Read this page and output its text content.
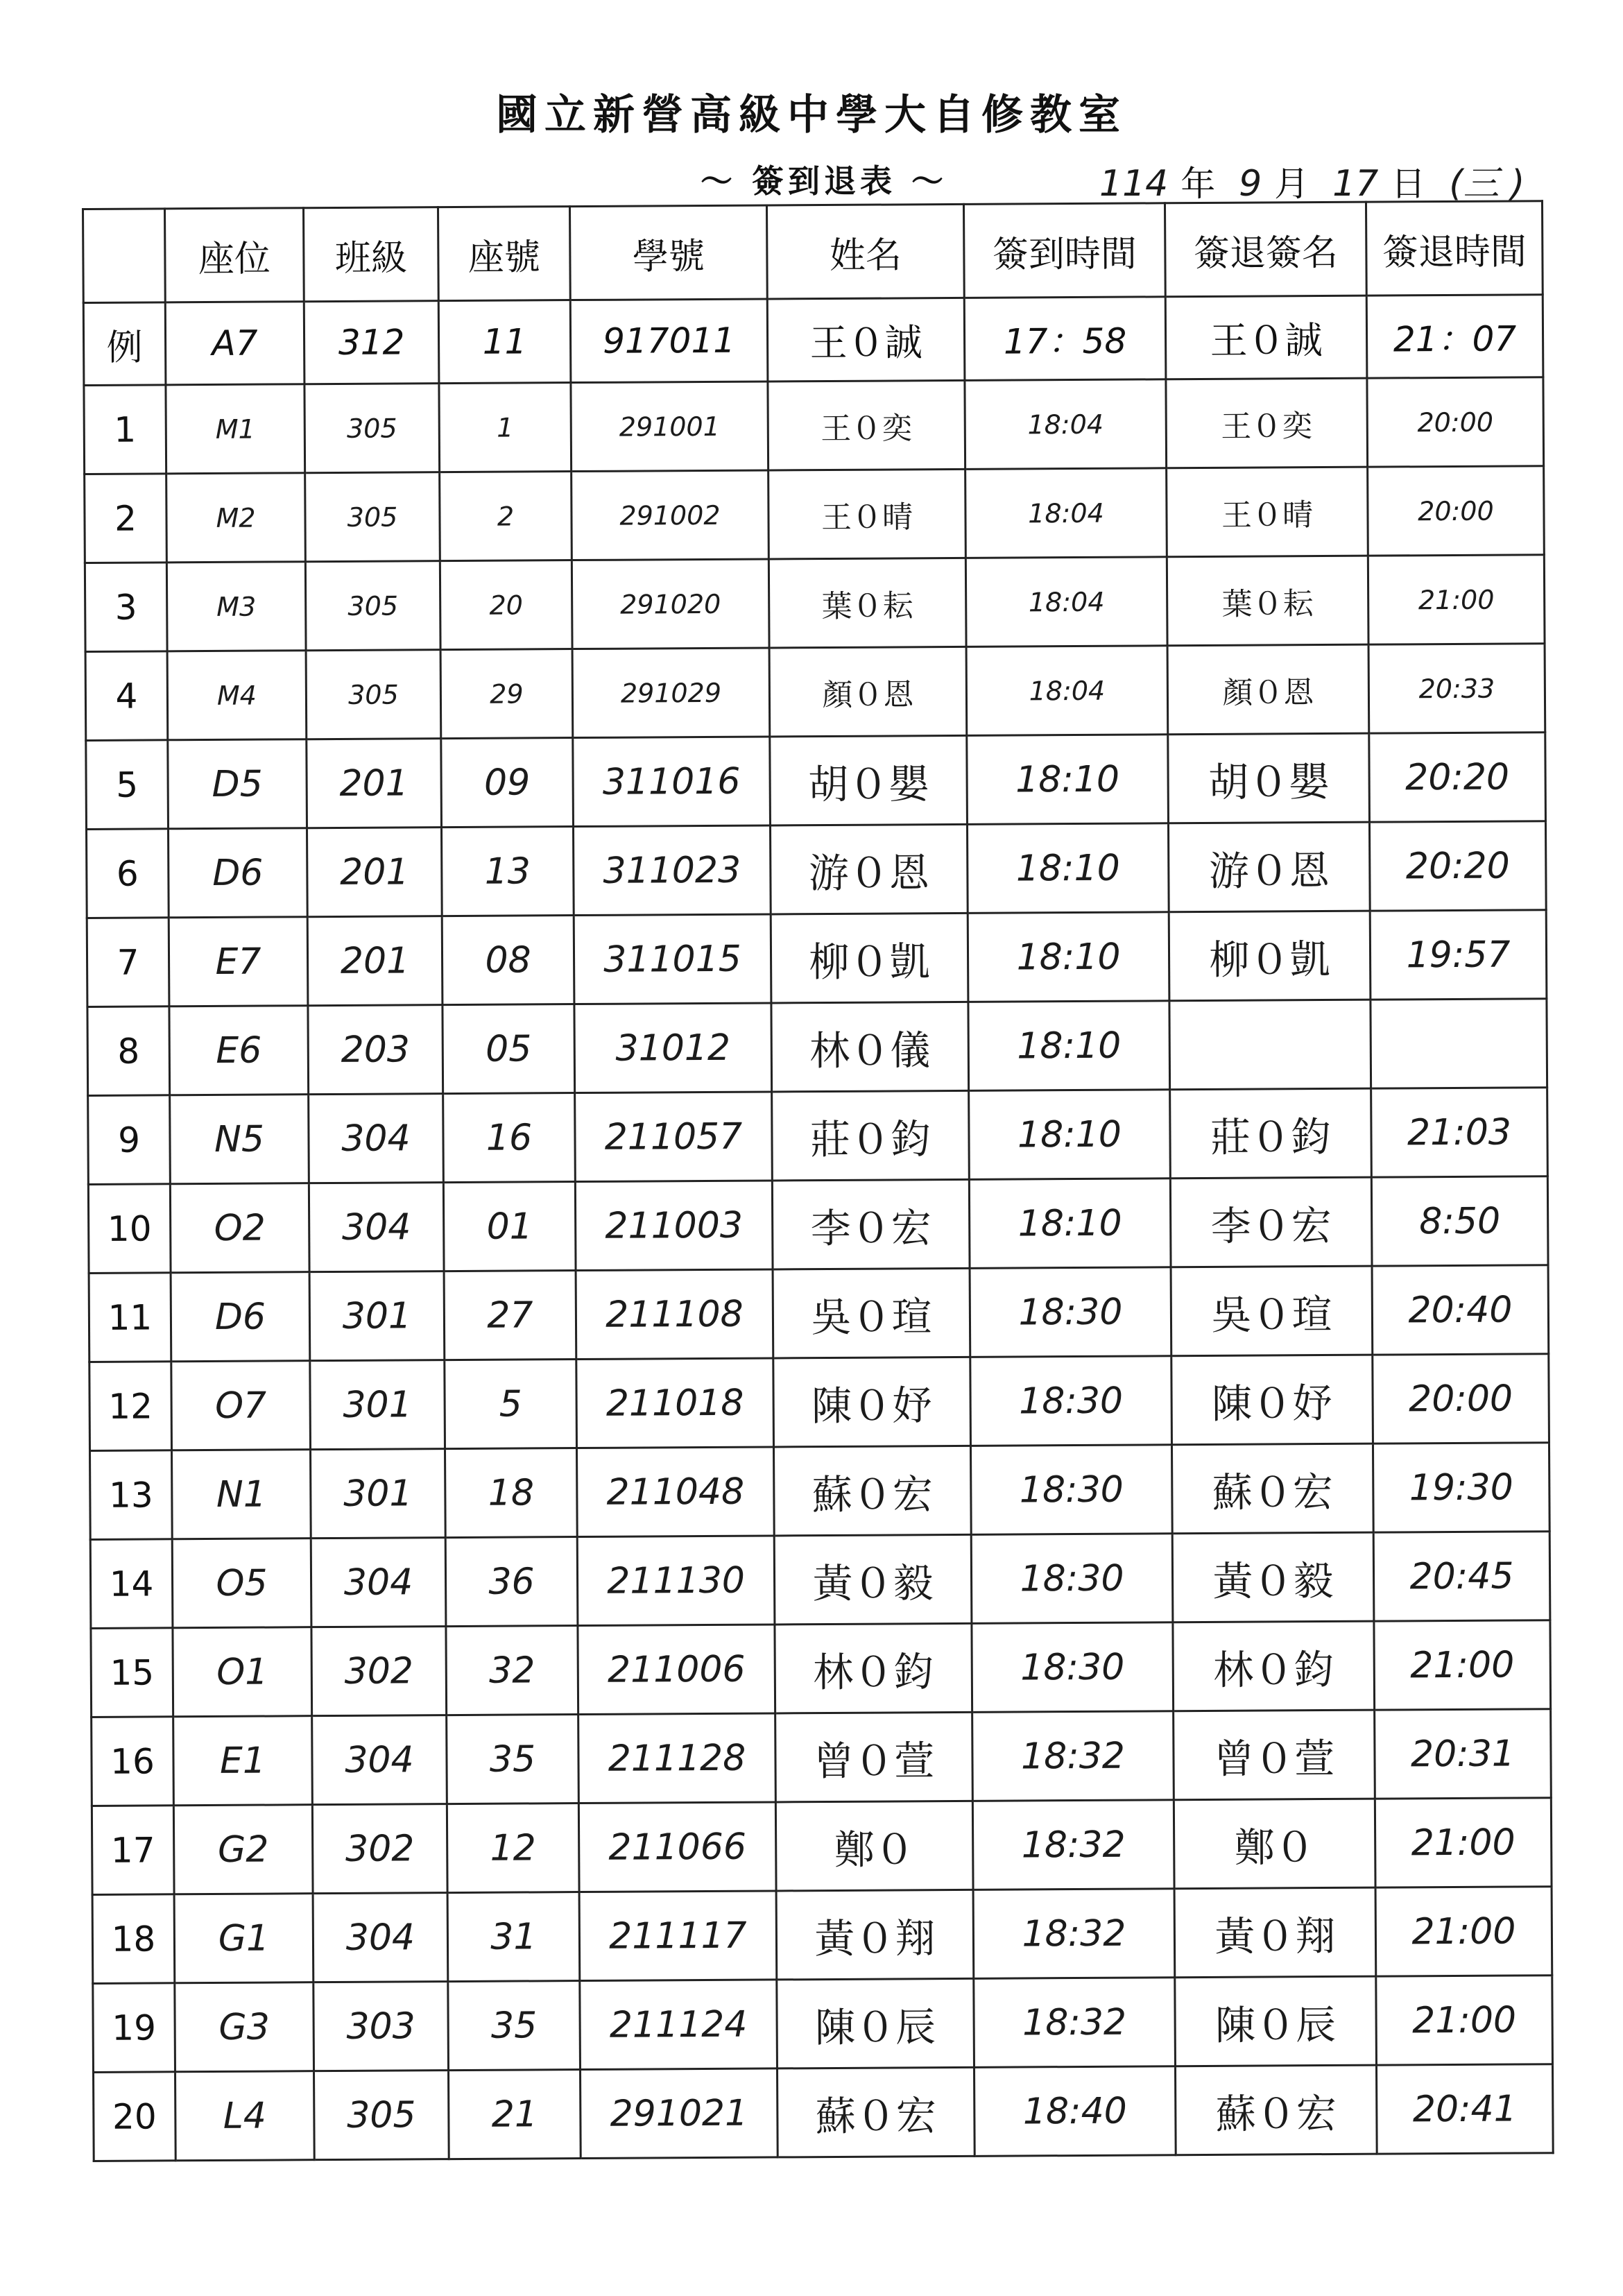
國立新營高級中學大自修教室
～ 簽到退表 ～	114 年 9 月 17 日 (三 )
	座位	班級	座號	學號	姓名	簽到時間	簽退簽名	簽退時間
例	A7	312	11	917011	王０誠	17：58	王０誠	21：07
1	M1	305	1	291001	王０奕	18:04	王０奕	20:00
2	M2	305	2	291002	王０晴	18:04	王０晴	20:00
3	M3	305	20	291020	葉０耘	18:04	葉０耘	21:00
4	M4	305	29	291029	顏０恩	18:04	顏０恩	20:33
5	D5	201	09	311016	胡０嬰	18:10	胡０嬰	20:20
6	D6	201	13	311023	游０恩	18:10	游０恩	20:20
7	E7	201	08	311015	柳０凱	18:10	柳０凱	19:57
8	E6	203	05	31012	林０儀	18:10		
9	N5	304	16	211057	莊０鈞	18:10	莊０鈞	21:03
10	O2	304	01	211003	李０宏	18:10	李０宏	8:50
11	D6	301	27	211108	吳０瑄	18:30	吳０瑄	20:40
12	O7	301	5	211018	陳０妤	18:30	陳０妤	20:00
13	N1	301	18	211048	蘇０宏	18:30	蘇０宏	19:30
14	O5	304	36	211130	黃０毅	18:30	黃０毅	20:45
15	O1	302	32	211006	林０鈞	18:30	林０鈞	21:00
16	E1	304	35	211128	曾０萱	18:32	曾０萱	20:31
17	G2	302	12	211066	鄭０	18:32	鄭０	21:00
18	G1	304	31	211117	黃０翔	18:32	黃０翔	21:00
19	G3	303	35	211124	陳０辰	18:32	陳０辰	21:00
20	L4	305	21	291021	蘇０宏	18:40	蘇０宏	20:41
